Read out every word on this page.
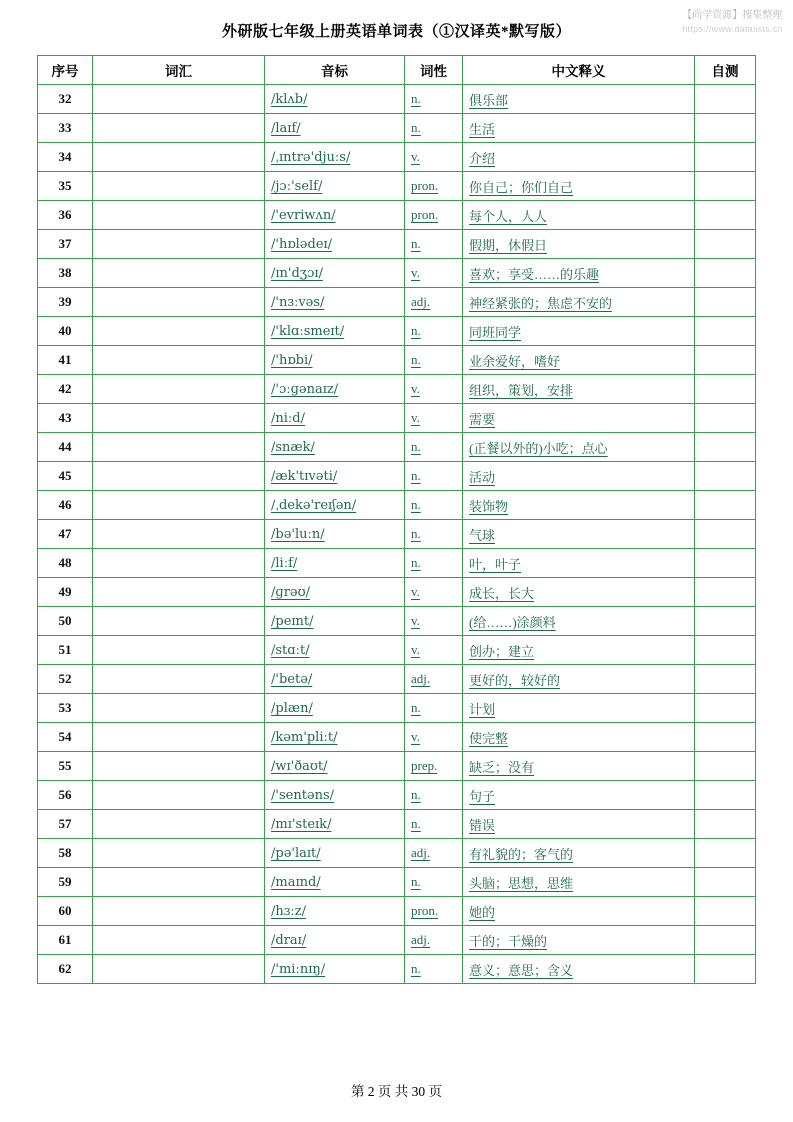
外研版七年级上册英语单词表（①汉译英*默写版）
【尚学资源】搜集整理
https://www.datalists.cn
序号	词汇	音标	词性	中文释义	自测
32		/klʌb/	n.	俱乐部	
33		/laɪf/	n.	生活	
34		/ˌɪntrə'djuːs/	v.	介绍	
35		/jɔː'self/	pron.	你自己；你们自己	
36		/'evriwʌn/	pron.	每个人，人人	
37		/'hɒlədeɪ/	n.	假期，休假日	
38		/ɪn'dʒɔɪ/	v.	喜欢；享受……的乐趣	
39		/'nɜːvəs/	adj.	神经紧张的；焦虑不安的	
40		/'klɑːsmeɪt/	n.	同班同学	
41		/'hɒbi/	n.	业余爱好，嗜好	
42		/'ɔːɡənaɪz/	v.	组织，策划，安排	
43		/niːd/	v.	需要	
44		/snæk/	n.	(正餐以外的)小吃；点心	
45		/æk'tɪvəti/	n.	活动	
46		/ˌdekə'reɪʃən/	n.	装饰物	
47		/bə'luːn/	n.	气球	
48		/liːf/	n.	叶，叶子	
49		/ɡrəʊ/	v.	成长，长大	
50		/peɪnt/	v.	(给……)涂颜料	
51		/stɑːt/	v.	创办；建立	
52		/'betə/	adj.	更好的，较好的	
53		/plæn/	n.	计划	
54		/kəm'pliːt/	v.	使完整	
55		/wɪ'ðaʊt/	prep.	缺乏；没有	
56		/'sentəns/	n.	句子	
57		/mɪ'steɪk/	n.	错误	
58		/pə'laɪt/	adj.	有礼貌的；客气的	
59		/maɪnd/	n.	头脑；思想，思维	
60		/hɜːz/	pron.	她的	
61		/draɪ/	adj.	干的；干燥的	
62		/'miːnɪŋ/	n.	意义；意思；含义	
第 2 页 共 30 页
